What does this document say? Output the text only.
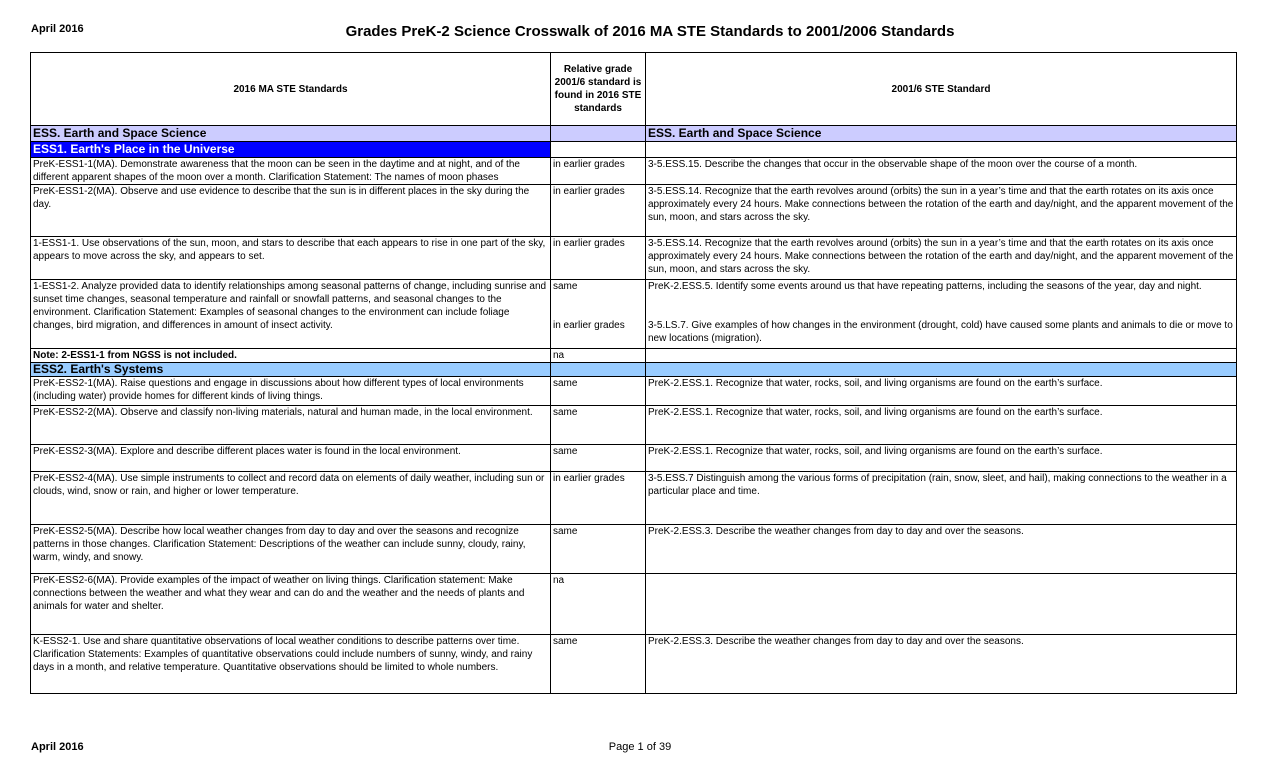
April 2016	Grades PreK-2 Science Crosswalk of 2016 MA STE Standards to 2001/2006 Standards
2016 MA STE Standards	Relative grade 2001/6 standard is found in 2016 STE standards	2001/6 STE Standard
ESS. Earth and Space Science		ESS. Earth and Space Science
ESS1. Earth's Place in the Universe		
PreK-ESS1-1(MA). Demonstrate awareness that the moon can be seen in the daytime and at night, and of the different apparent shapes of the moon over a month. Clarification Statement: The names of moon phases	in earlier grades	3-5.ESS.15. Describe the changes that occur in the observable shape of the moon over the course of a month.
PreK-ESS1-2(MA). Observe and use evidence to describe that the sun is in different places in the sky during the day.	in earlier grades	3-5.ESS.14. Recognize that the earth revolves around (orbits) the sun in a year’s time and that the earth rotates on its axis once approximately every 24 hours. Make connections between the rotation of the earth and day/night, and the apparent movement of the sun, moon, and stars across the sky.
1-ESS1-1. Use observations of the sun, moon, and stars to describe that each appears to rise in one part of the sky, appears to move across the sky, and appears to set.	in earlier grades	3-5.ESS.14. Recognize that the earth revolves around (orbits) the sun in a year’s time and that the earth rotates on its axis once approximately every 24 hours. Make connections between the rotation of the earth and day/night, and the apparent movement of the sun, moon, and stars across the sky.
1-ESS1-2. Analyze provided data to identify relationships among seasonal patterns of change, including sunrise and sunset time changes, seasonal temperature and rainfall or snowfall patterns, and seasonal changes to the environment. Clarification Statement: Examples of seasonal changes to the environment can include foliage changes, bird migration, and differences in amount of insect activity.	same	PreK-2.ESS.5. Identify some events around us that have repeating patterns, including the seasons of the year, day and night.
	in earlier grades	3-5.LS.7. Give examples of how changes in the environment (drought, cold) have caused some plants and animals to die or move to new locations (migration).
Note: 2-ESS1-1 from NGSS is not included.	na	
ESS2. Earth's Systems		
PreK-ESS2-1(MA). Raise questions and engage in discussions about how different types of local environments (including water) provide homes for different kinds of living things.	same	PreK-2.ESS.1. Recognize that water, rocks, soil, and living organisms are found on the earth’s surface.
PreK-ESS2-2(MA). Observe and classify non-living materials, natural and human made, in the local environment.	same	PreK-2.ESS.1. Recognize that water, rocks, soil, and living organisms are found on the earth’s surface.
PreK-ESS2-3(MA). Explore and describe different places water is found in the local environment.	same	PreK-2.ESS.1. Recognize that water, rocks, soil, and living organisms are found on the earth’s surface.
PreK-ESS2-4(MA). Use simple instruments to collect and record data on elements of daily weather, including sun or clouds, wind, snow or rain, and higher or lower temperature.	in earlier grades	3-5.ESS.7 Distinguish among the various forms of precipitation (rain, snow, sleet, and hail), making connections to the weather in a particular place and time.
PreK-ESS2-5(MA). Describe how local weather changes from day to day and over the seasons and recognize patterns in those changes. Clarification Statement: Descriptions of the weather can include sunny, cloudy, rainy, warm, windy, and snowy.	same	PreK-2.ESS.3. Describe the weather changes from day to day and over the seasons.
PreK-ESS2-6(MA). Provide examples of the impact of weather on living things. Clarification statement: Make connections between the weather and what they wear and can do and the weather and the needs of plants and animals for water and shelter.	na	
K-ESS2-1. Use and share quantitative observations of local weather conditions to describe patterns over time. Clarification Statements: Examples of quantitative observations could include numbers of sunny, windy, and rainy days in a month, and relative temperature. Quantitative observations should be limited to whole numbers.	same	PreK-2.ESS.3. Describe the weather changes from day to day and over the seasons.
April 2016	Page 1 of 39
